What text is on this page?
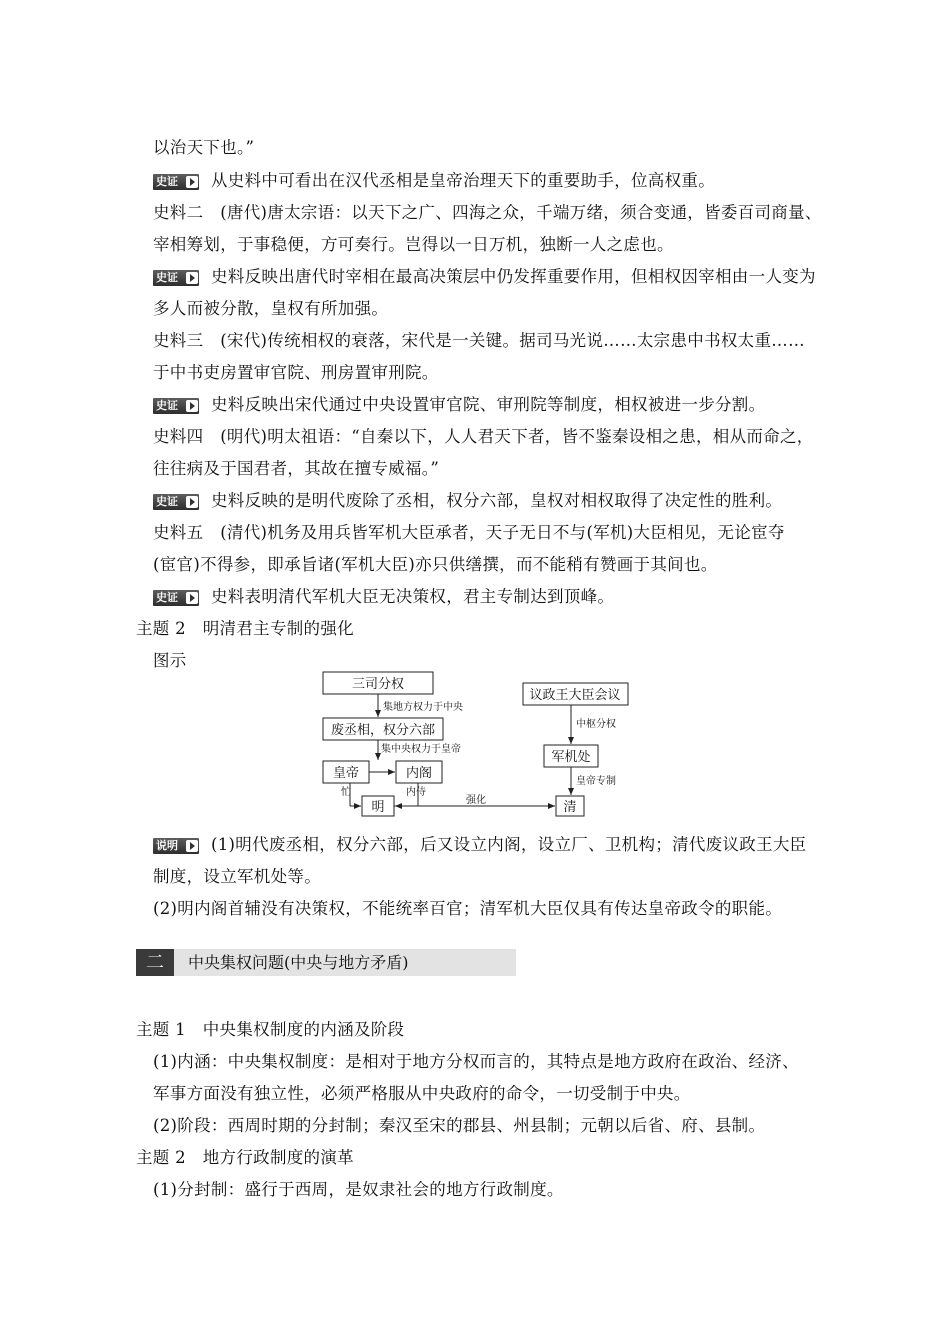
以治天下也。”
史证 从史料中可看出在汉代丞相是皇帝治理天下的重要助手，位高权重。
史料二　(唐代)唐太宗语：以天下之广、四海之众，千端万绪，须合变通，皆委百司商量、
宰相筹划，于事稳便，方可奏行。岂得以一日万机，独断一人之虑也。
史证 史料反映出唐代时宰相在最高决策层中仍发挥重要作用，但相权因宰相由一人变为
多人而被分散，皇权有所加强。
史料三　(宋代)传统相权的衰落，宋代是一关键。据司马光说……太宗患中书权太重……
于中书吏房置审官院、刑房置审刑院。
史证 史料反映出宋代通过中央设置审官院、审刑院等制度，相权被进一步分割。
史料四　(明代)明太祖语：“自秦以下，人人君天下者，皆不鉴秦设相之患，相从而命之，
往往病及于国君者，其故在擅专威福。”
史证 史料反映的是明代废除了丞相，权分六部，皇权对相权取得了决定性的胜利。
史料五　(清代)机务及用兵皆军机大臣承者，天子无日不与(军机)大臣相见，无论宦夺
(宦官)不得参，即承旨诸(军机大臣)亦只供缮撰，而不能稍有赞画于其间也。
史证 史料表明清代军机大臣无决策权，君主专制达到顶峰。
主题 2　明清君主专制的强化
图示
三司分权
集地方权力于中央
废丞相，权分六部
集中央权力于皇帝
皇帝	内阁
忙	内侍
明	强化	清
议政王大臣会议
中枢分权
军机处
皇帝专制
说明 (1)明代废丞相，权分六部，后又设立内阁，设立厂、卫机构；清代废议政王大臣
制度，设立军机处等。
(2)明内阁首辅没有决策权，不能统率百官；清军机大臣仅具有传达皇帝政令的职能。
二	中央集权问题(中央与地方矛盾)
主题 1　中央集权制度的内涵及阶段
(1)内涵：中央集权制度：是相对于地方分权而言的，其特点是地方政府在政治、经济、
军事方面没有独立性，必须严格服从中央政府的命令，一切受制于中央。
(2)阶段：西周时期的分封制；秦汉至宋的郡县、州县制；元朝以后省、府、县制。
主题 2　地方行政制度的演革
(1)分封制：盛行于西周，是奴隶社会的地方行政制度。
